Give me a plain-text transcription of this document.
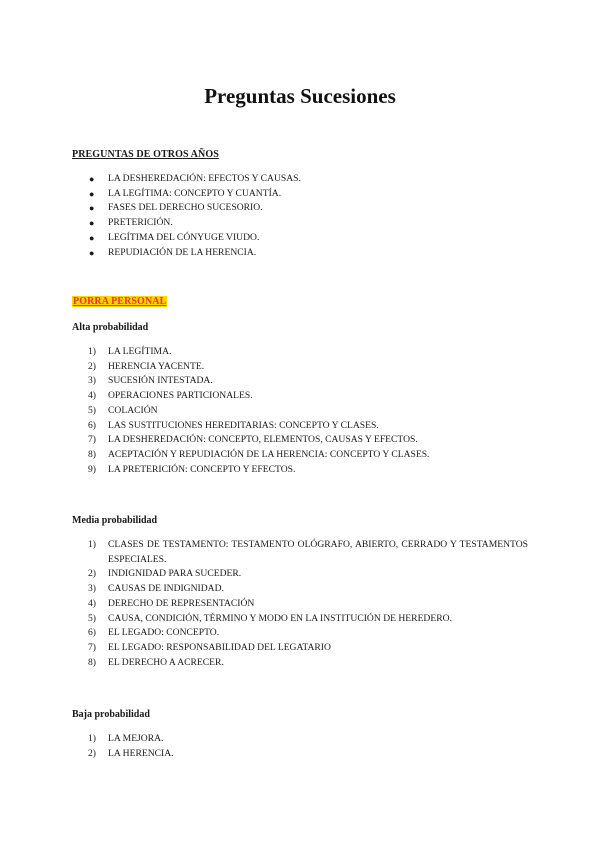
Preguntas Sucesiones

PREGUNTAS DE OTROS AÑOS

● LA DESHEREDACIÓN: EFECTOS Y CAUSAS.
● LA LEGÍTIMA: CONCEPTO Y CUANTÍA.
● FASES DEL DERECHO SUCESORIO.
● PRETERICIÓN.
● LEGÍTIMA DEL CÓNYUGE VIUDO.
● REPUDIACIÓN DE LA HERENCIA.

PORRA PERSONAL

Alta probabilidad

1) LA LEGÍTIMA.
2) HERENCIA YACENTE.
3) SUCESIÓN INTESTADA.
4) OPERACIONES PARTICIONALES.
5) COLACIÓN
6) LAS SUSTITUCIONES HEREDITARIAS: CONCEPTO Y CLASES.
7) LA DESHEREDACIÓN: CONCEPTO, ELEMENTOS, CAUSAS Y EFECTOS.
8) ACEPTACIÓN Y REPUDIACIÓN DE LA HERENCIA: CONCEPTO Y CLASES.
9) LA PRETERICIÓN: CONCEPTO Y EFECTOS.

Media probabilidad

1) CLASES DE TESTAMENTO: TESTAMENTO OLÓGRAFO, ABIERTO, CERRADO Y TESTAMENTOS ESPECIALES.
2) INDIGNIDAD PARA SUCEDER.
3) CAUSAS DE INDIGNIDAD.
4) DERECHO DE REPRESENTACIÓN
5) CAUSA, CONDICIÓN, TÉRMINO Y MODO EN LA INSTITUCIÓN DE HEREDERO.
6) EL LEGADO: CONCEPTO.
7) EL LEGADO: RESPONSABILIDAD DEL LEGATARIO
8) EL DERECHO A ACRECER.

Baja probabilidad

1) LA MEJORA.
2) LA HERENCIA.
